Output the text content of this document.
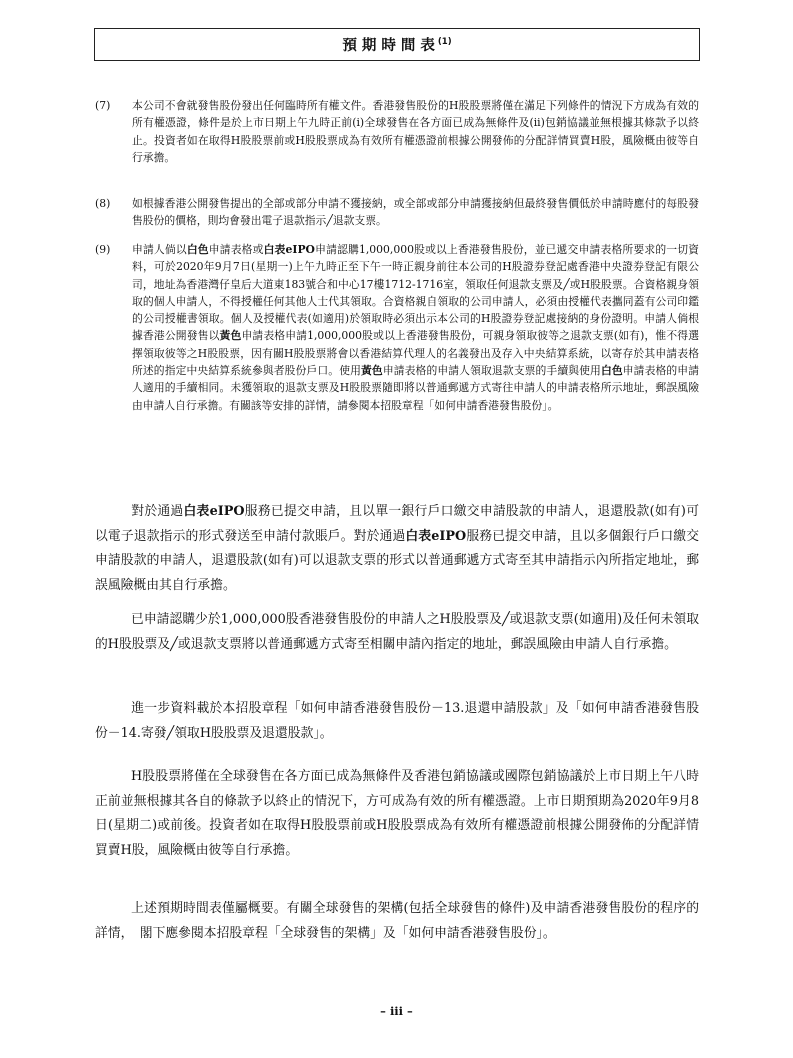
預期時間表$^{(1)}$
(7)	本公司不會就發售股份發出任何臨時所有權文件。香港發售股份的H股股票將僅在滿足下列條件的情況下方成為有效的所有權憑證，條件是於上市日期上午九時正前(i)全球發售在各方面已成為無條件及(ii)包銷協議並無根據其條款予以終止。投資者如在取得H股股票前或H股股票成為有效所有權憑證前根據公開發佈的分配詳情買賣H股，風險概由彼等自行承擔。
(8)	如根據香港公開發售提出的全部或部分申請不獲接納，或全部或部分申請獲接納但最終發售價低於申請時應付的每股發售股份的價格，則均會發出電子退款指示╱退款支票。
(9)	申請人倘以白色申請表格或白表eIPO申請認購1,000,000股或以上香港發售股份，並已遞交申請表格所要求的一切資料，可於2020年9月7日(星期一)上午九時正至下午一時正親身前往本公司的H股證券登記處香港中央證券登記有限公司，地址為香港灣仔皇后大道東183號合和中心17樓1712-1716室，領取任何退款支票及╱或H股股票。合資格親身領取的個人申請人，不得授權任何其他人士代其領取。合資格親自領取的公司申請人，必須由授權代表攜同蓋有公司印鑑的公司授權書領取。個人及授權代表(如適用)於領取時必須出示本公司的H股證券登記處接納的身份證明。申請人倘根據香港公開發售以黃色申請表格申請1,000,000股或以上香港發售股份，可親身領取彼等之退款支票(如有)，惟不得選擇領取彼等之H股股票，因有關H股股票將會以香港結算代理人的名義發出及存入中央結算系統，以寄存於其申請表格所述的指定中央結算系統參與者股份戶口。使用黃色申請表格的申請人領取退款支票的手續與使用白色申請表格的申請人適用的手續相同。未獲領取的退款支票及H股股票隨即將以普通郵遞方式寄往申請人的申請表格所示地址，郵誤風險由申請人自行承擔。有關該等安排的詳情，請參閱本招股章程「如何申請香港發售股份」。
對於通過白表eIPO服務已提交申請，且以單一銀行戶口繳交申請股款的申請人，退還股款(如有)可以電子退款指示的形式發送至申請付款賬戶。對於通過白表eIPO服務已提交申請，且以多個銀行戶口繳交申請股款的申請人，退還股款(如有)可以退款支票的形式以普通郵遞方式寄至其申請指示內所指定地址，郵誤風險概由其自行承擔。
已申請認購少於1,000,000股香港發售股份的申請人之H股股票及╱或退款支票(如適用)及任何未領取的H股股票及╱或退款支票將以普通郵遞方式寄至相關申請內指定的地址，郵誤風險由申請人自行承擔。
進一步資料載於本招股章程「如何申請香港發售股份－13.退還申請股款」及「如何申請香港發售股份－14.寄發╱領取H股股票及退還股款」。
H股股票將僅在全球發售在各方面已成為無條件及香港包銷協議或國際包銷協議於上市日期上午八時正前並無根據其各自的條款予以終止的情況下，方可成為有效的所有權憑證。上市日期預期為2020年9月8日(星期二)或前後。投資者如在取得H股股票前或H股股票成為有效所有權憑證前根據公開發佈的分配詳情買賣H股，風險概由彼等自行承擔。
上述預期時間表僅屬概要。有關全球發售的架構(包括全球發售的條件)及申請香港發售股份的程序的詳情，　閣下應參閱本招股章程「全球發售的架構」及「如何申請香港發售股份」。
– iii –
